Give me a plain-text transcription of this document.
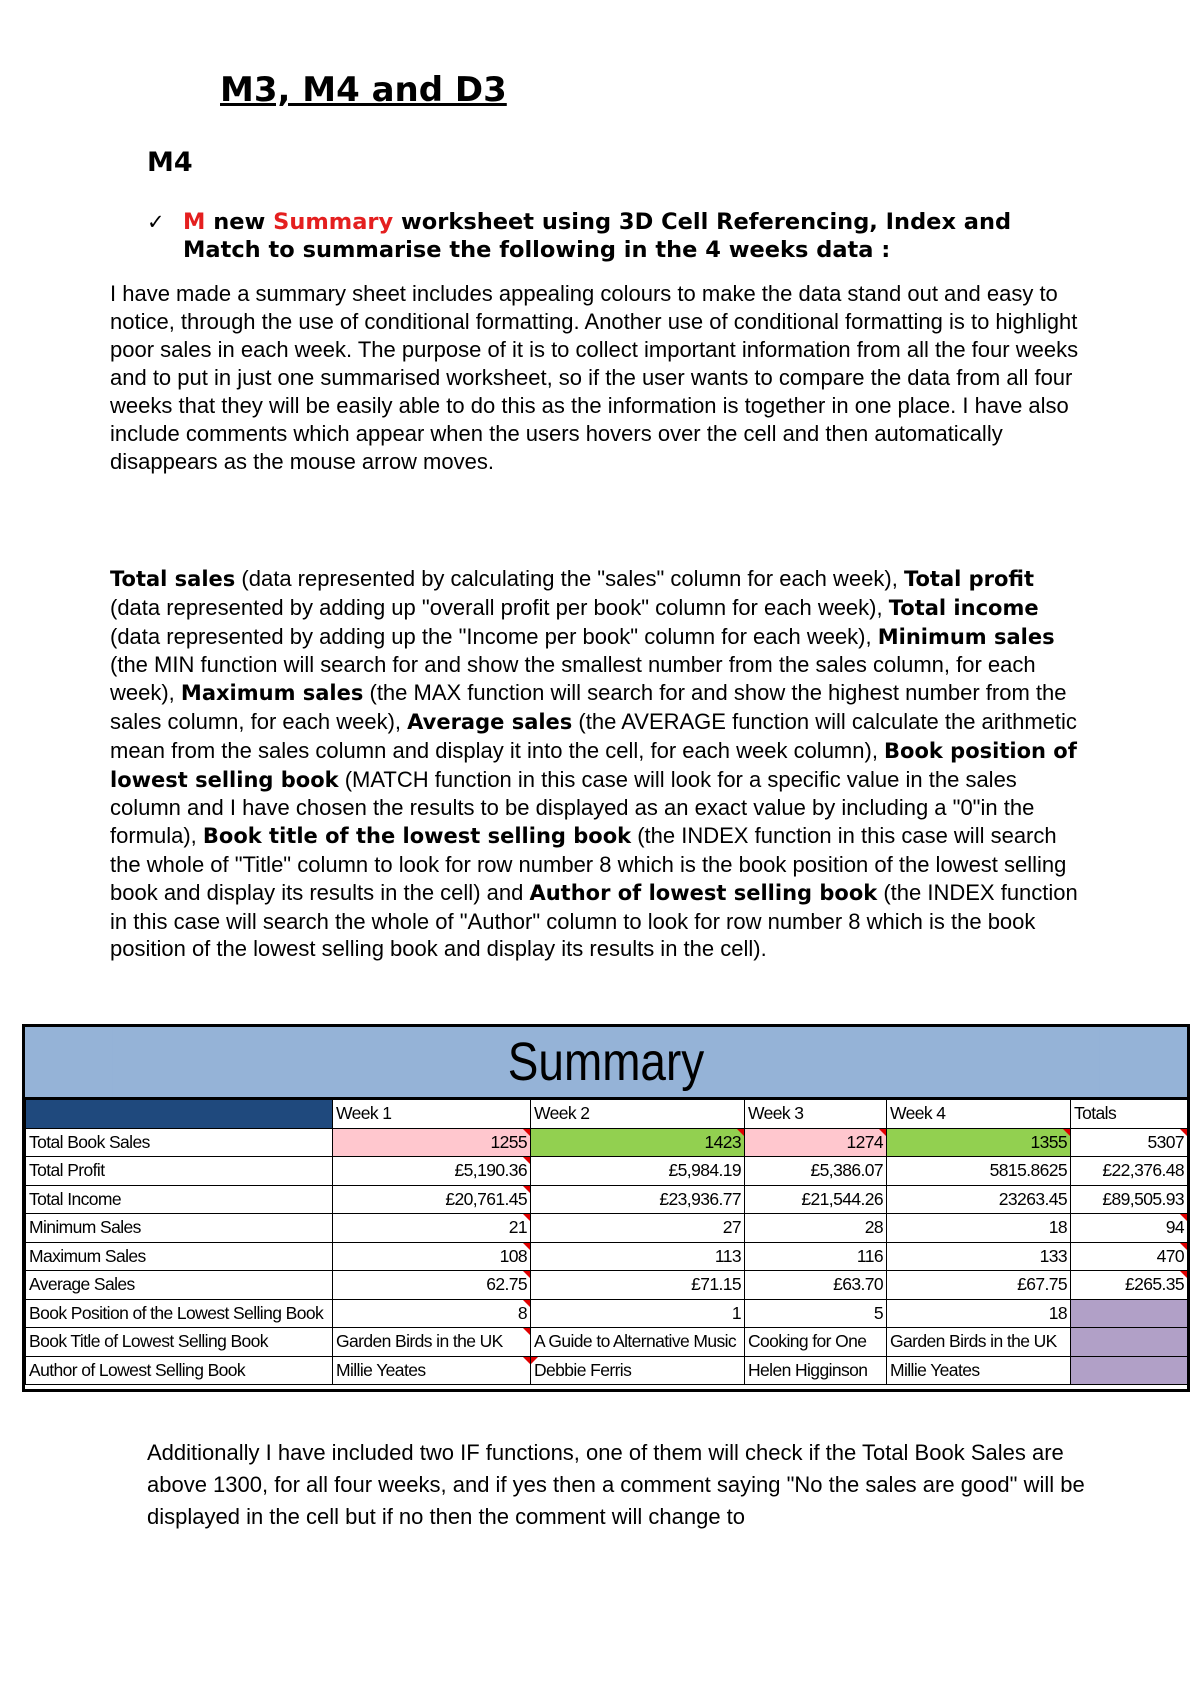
M3, M4 and D3
M4
✓ M new Summary worksheet using 3D Cell Referencing, Index and Match to summarise the following in the 4 weeks data :

I have made a summary sheet includes appealing colours to make the data stand out and easy to notice, through the use of conditional formatting. Another use of conditional formatting is to highlight poor sales in each week. The purpose of it is to collect important information from all the four weeks and to put in just one summarised worksheet, so if the user wants to compare the data from all four weeks that they will be easily able to do this as the information is together in one place. I have also include comments which appear when the users hovers over the cell and then automatically disappears as the mouse arrow moves.

Total sales (data represented by calculating the "sales" column for each week), Total profit (data represented by adding up "overall profit per book" column for each week), Total income (data represented by adding up the "Income per book" column for each week), Minimum sales (the MIN function will search for and show the smallest number from the sales column, for each week), Maximum sales (the MAX function will search for and show the highest number from the sales column, for each week), Average sales (the AVERAGE function will calculate the arithmetic mean from the sales column and display it into the cell, for each week column), Book position of lowest selling book (MATCH function in this case will look for a specific value in the sales column and I have chosen the results to be displayed as an exact value by including a "0"in the formula), Book title of the lowest selling book (the INDEX function in this case will search the whole of "Title" column to look for row number 8 which is the book position of the lowest selling book and display its results in the cell) and Author of lowest selling book (the INDEX function in this case will search the whole of "Author" column to look for row number 8 which is the book position of the lowest selling book and display its results in the cell).

Summary
	Week 1	Week 2	Week 3	Week 4	Totals
Total Book Sales	1255	1423	1274	1355	5307
Total Profit	£5,190.36	£5,984.19	£5,386.07	5815.8625	£22,376.48
Total Income	£20,761.45	£23,936.77	£21,544.26	23263.45	£89,505.93
Minimum Sales	21	27	28	18	94
Maximum Sales	108	113	116	133	470
Average Sales	62.75	£71.15	£63.70	£67.75	£265.35
Book Position of the Lowest Selling Book	8	1	5	18	
Book Title of Lowest Selling Book	Garden Birds in the UK	A Guide to Alternative Music	Cooking for One	Garden Birds in the UK	
Author of Lowest Selling Book	Millie Yeates	Debbie Ferris	Helen Higginson	Millie Yeates	

Additionally I have included two IF functions, one of them will check if the Total Book Sales are above 1300, for all four weeks, and if yes then a comment saying "No the sales are good" will be displayed in the cell but if no then the comment will change to
